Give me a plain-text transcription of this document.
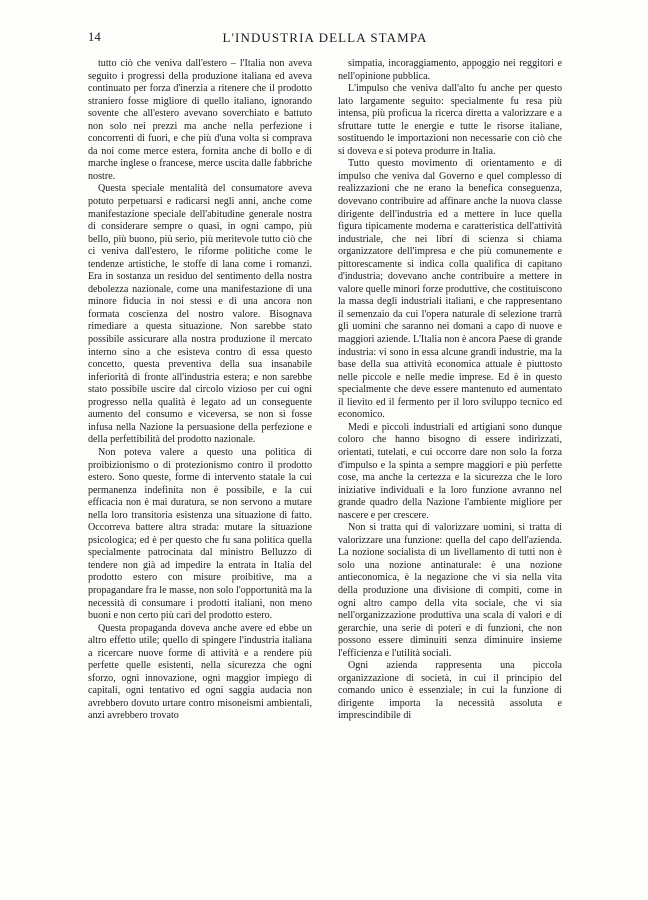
14	L'INDUSTRIA DELLA STAMPA

tutto ciò che veniva dall'estero – l'Italia non aveva seguito i progressi della produzione italiana ed aveva continuato per forza d'inerzia a ritenere che il prodotto straniero fosse migliore di quello italiano, ignorando sovente che all'estero avevano soverchiato e battuto non solo nei prezzi ma anche nella perfezione i concorrenti di fuori, e che più d'una volta si comprava da noi come merce estera, fornita anche di bollo e di marche inglese o francese, merce uscita dalle fabbriche nostre.

Questa speciale mentalità del consumatore aveva potuto perpetuarsi e radicarsi negli anni, anche come manifestazione speciale dell'abitudine generale nostra di considerare sempre o quasi, in ogni campo, più bello, più buono, più serio, più meritevole tutto ciò che ci veniva dall'estero, le riforme politiche come le tendenze artistiche, le stoffe di lana come i romanzi. Era in sostanza un residuo del sentimento della nostra debolezza nazionale, come una manifestazione di una minore fiducia in noi stessi e di una ancora non formata coscienza del nostro valore. Bisognava rimediare a questa situazione. Non sarebbe stato possibile assicurare alla nostra produzione il mercato interno sino a che esisteva contro di essa questo concetto, questa preventiva della sua insanabile inferiorità di fronte all'industria estera; e non sarebbe stato possibile uscire dal circolo vizioso per cui ogni progresso nella qualità è legato ad un conseguente aumento del consumo e viceversa, se non si fosse infusa nella Nazione la persuasione della perfezione e della perfettibilità del prodotto nazionale.

Non poteva valere a questo una politica di proibizionismo o di protezionismo contro il prodotto estero. Sono queste, forme di intervento statale la cui permanenza indefinita non è possibile, e la cui efficacia non è mai duratura, se non servono a mutare nella loro transitoria esistenza una situazione di fatto. Occorreva battere altra strada: mutare la situazione psicologica; ed è per questo che fu sana politica quella specialmente patrocinata dal ministro Belluzzo di tendere non già ad impedire la entrata in Italia del prodotto estero con misure proibitive, ma a propagandare fra le masse, non solo l'opportunità ma la necessità di consumare i prodotti italiani, non meno buoni e non certo più cari del prodotto estero.

Questa propaganda doveva anche avere ed ebbe un altro effetto utile; quello di spingere l'industria italiana a ricercare nuove forme di attività e a rendere più perfette quelle esistenti, nella sicurezza che ogni sforzo, ogni innovazione, ogni maggior impiego di capitali, ogni tentativo ed ogni saggia audacia non avrebbero dovuto urtare contro misoneismi ambientali, anzi avrebbero trovato

simpatia, incoraggiamento, appoggio nei reggitori e nell'opinione pubblica.

L'impulso che veniva dall'alto fu anche per questo lato largamente seguito: specialmente fu resa più intensa, più proficua la ricerca diretta a valorizzare e a sfruttare tutte le energie e tutte le risorse italiane, sostituendo le importazioni non necessarie con ciò che si doveva e si poteva produrre in Italia.

Tutto questo movimento di orientamento e di impulso che veniva dal Governo e quel complesso di realizzazioni che ne erano la benefica conseguenza, dovevano contribuire ad affinare anche la nuova classe dirigente dell'industria ed a mettere in luce quella figura tipicamente moderna e caratteristica dell'attività industriale, che nei libri di scienza si chiama organizzatore dell'impresa e che più comunemente e pittorescamente si indica colla qualifica di capitano d'industria; dovevano anche contribuire a mettere in valore quelle minori forze produttive, che costituiscono la massa degli industriali italiani, e che rappresentano il semenzaio da cui l'opera naturale di selezione trarrà gli uomini che saranno nei domani a capo di nuove e maggiori aziende. L'Italia non è ancora Paese di grande industria: vi sono in essa alcune grandi industrie, ma la base della sua attività economica attuale è piuttosto nelle piccole e nelle medie imprese. Ed è in questo specialmente che deve essere mantenuto ed aumentato il lievito ed il fermento per il loro sviluppo tecnico ed economico.

Medi e piccoli industriali ed artigiani sono dunque coloro che hanno bisogno di essere indirizzati, orientati, tutelati, e cui occorre dare non solo la forza d'impulso e la spinta a sempre maggiori e più perfette cose, ma anche la certezza e la sicurezza che le loro iniziative individuali e la loro funzione avranno nel grande quadro della Nazione l'ambiente migliore per nascere e per crescere.

Non si tratta qui di valorizzare uomini, si tratta di valorizzare una funzione: quella del capo dell'azienda. La nozione socialista di un livellamento di tutti non è solo una nozione antinaturale: è una nozione antieconomica, è la negazione che vi sia nella vita della produzione una divisione di compiti, come in ogni altro campo della vita sociale, che vi sia nell'organizzazione produttiva una scala di valori e di gerarchie, una serie di poteri e di funzioni, che non possono essere diminuiti senza diminuire insieme l'efficienza e l'utilità sociali.

Ogni azienda rappresenta una piccola organizzazione di società, in cui il principio del comando unico è essenziale; in cui la funzione di dirigente importa la necessità assoluta e imprescindibile di
